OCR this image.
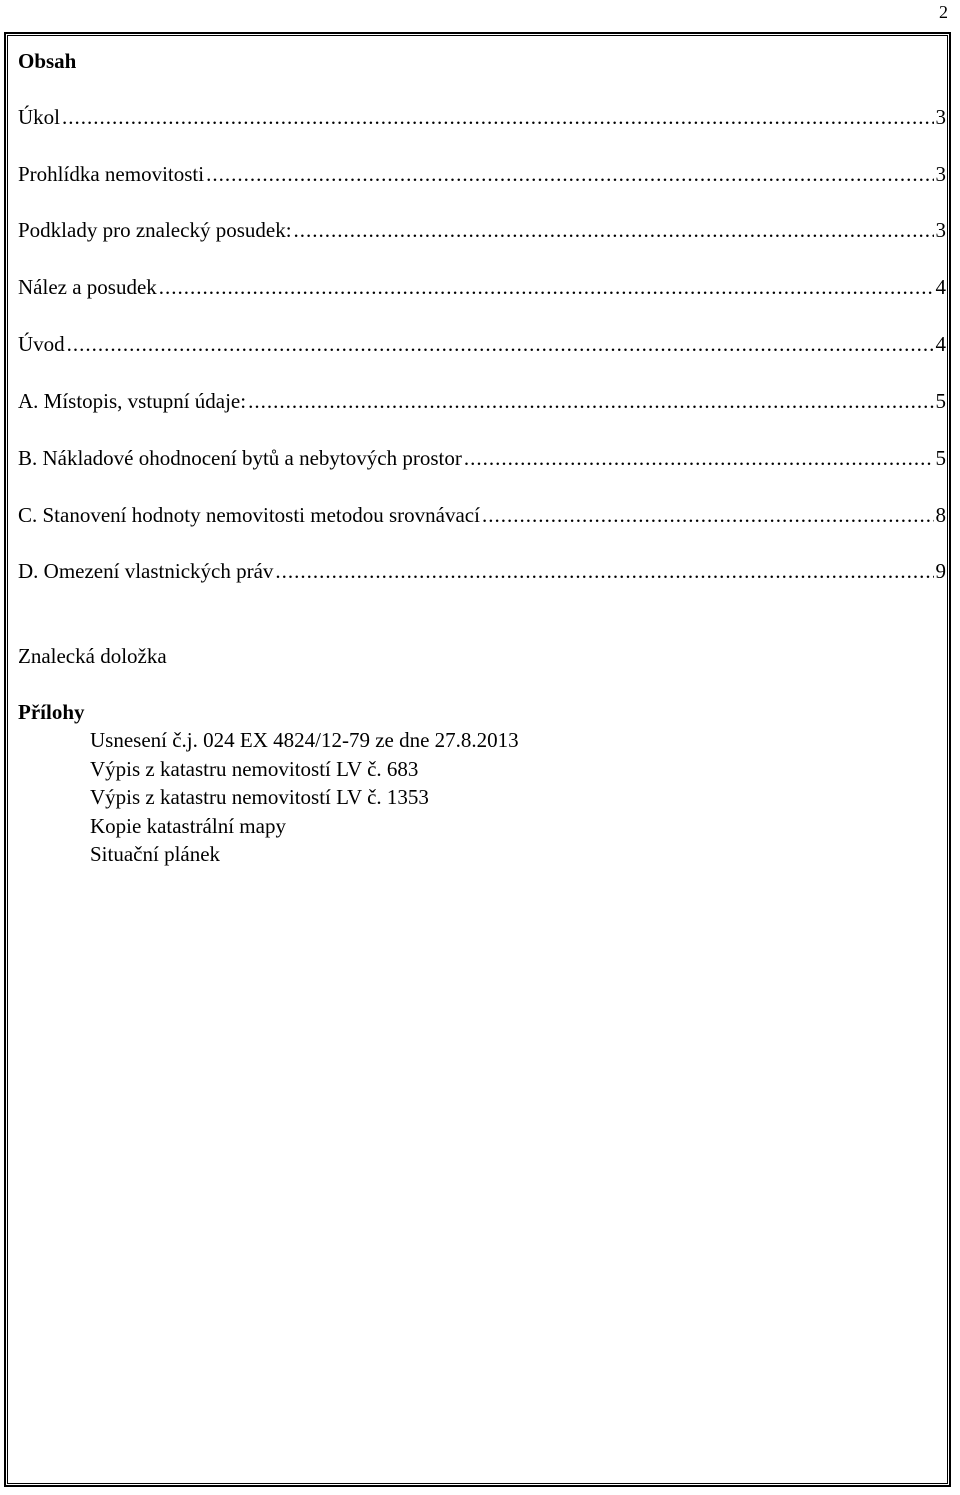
2
Obsah
Úkol .....	3
Prohlídka nemovitosti .....	3
Podklady pro znalecký posudek: .....	3
Nález a posudek .....	4
Úvod .....	4
A. Místopis, vstupní údaje: .....	5
B. Nákladové ohodnocení bytů a nebytových prostor .....	5
C. Stanovení hodnoty nemovitosti metodou srovnávací .....	8
D. Omezení vlastnických práv .....	9
Znalecká doložka
Přílohy
Usnesení č.j. 024 EX 4824/12-79 ze dne 27.8.2013
Výpis z katastru nemovitostí LV č. 683
Výpis z katastru nemovitostí LV č. 1353
Kopie katastrální mapy
Situační plánek
